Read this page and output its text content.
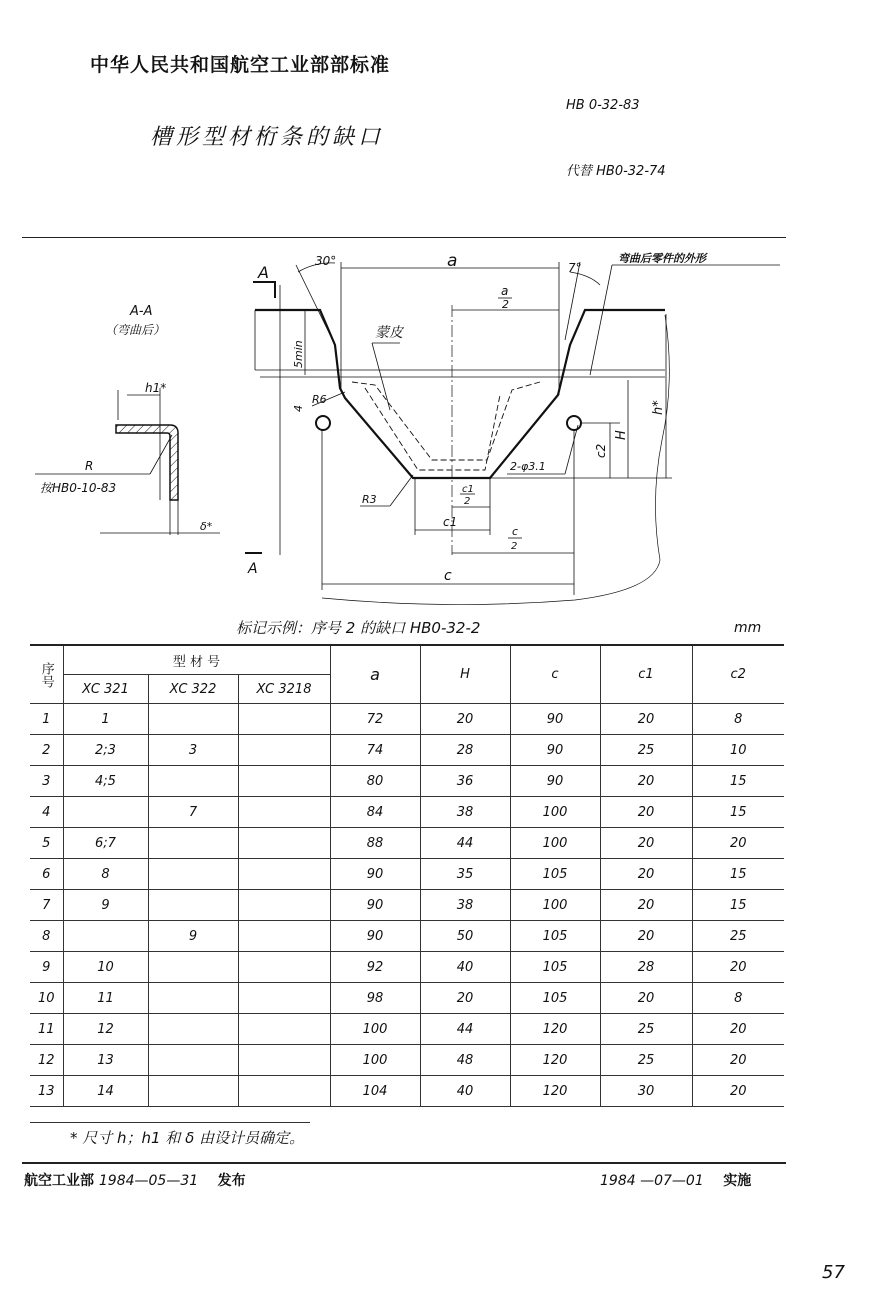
中华人民共和国航空工业部部标准
槽形型材桁条的缺口
HB 0-32-83
代替 HB0-32-74
A-A
（弯曲后）
h1*
R
按HB0-10-83
δ*
A
A
30°	a	7°
弯曲后零件的外形
a
2
蒙皮
5min
4
R6
2-φ3.1
R3
c1
2
c1
c
2
c
c2
H
h*
标记示例：序号 2 的缺口 HB0-32-2	mm
序号	型 材 号			a	H	c	c1	c2
	XC 321	XC 322	XC 3218					
1	1			72	20	90	20	8
2	2;3	3		74	28	90	25	10
3	4;5			80	36	90	20	15
4		7		84	38	100	20	15
5	6;7			88	44	100	20	20
6	8			90	35	105	20	15
7	9			90	38	100	20	15
8		9		90	50	105	20	25
9	10			92	40	105	28	20
10	11			98	20	105	20	8
11	12			100	44	120	25	20
12	13			100	48	120	25	20
13	14			104	40	120	30	20
* 尺寸 h；h1 和 δ 由设计员确定。
航空工业部 1984—05—31 发布	1984 —07—01 实施
57
